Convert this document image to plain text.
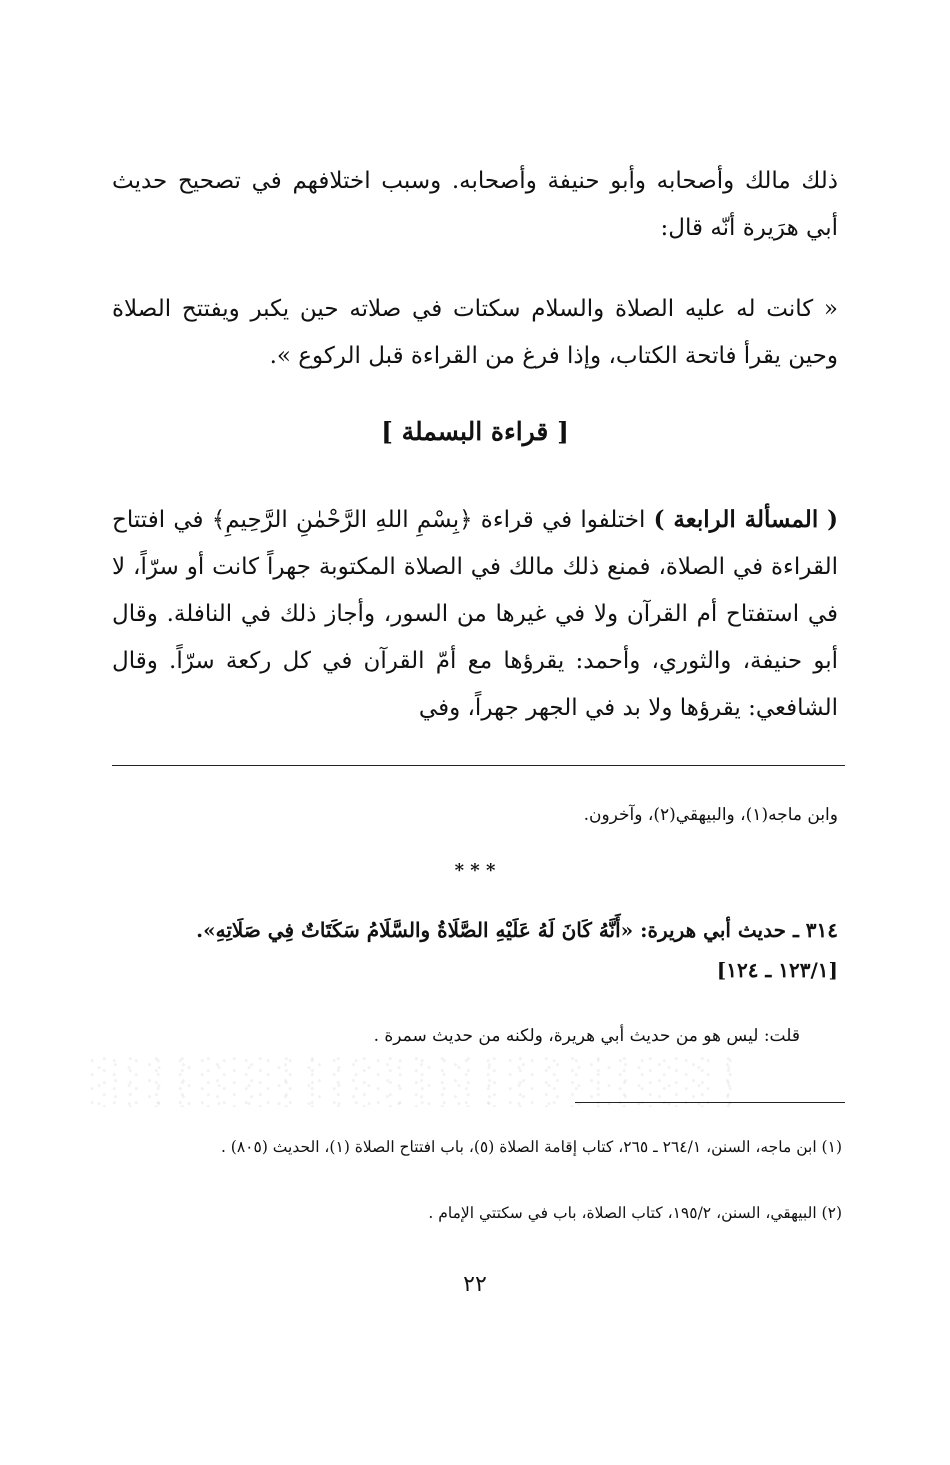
ذلك مالك وأصحابه وأبو حنيفة وأصحابه. وسبب اختلافهم في تصحيح حديث أبي هرَيرة أنّه قال:
« كانت له عليه الصلاة والسلام سكتات في صلاته حين يكبر ويفتتح الصلاة وحين يقرأ فاتحة الكتاب، وإذا فرغ من القراءة قبل الركوع ».
[ قراءة البسملة ]
( المسألة الرابعة ) اختلفوا في قراءة ﴿بِسْمِ اللهِ الرَّحْمٰنِ الرَّحِيمِ﴾ في افتتاح القراءة في الصلاة، فمنع ذلك مالك في الصلاة المكتوبة جهراً كانت أو سرّاً، لا في استفتاح أم القرآن ولا في غيرها من السور، وأجاز ذلك في النافلة. وقال أبو حنيفة، والثوري، وأحمد: يقرؤها مع أمّ القرآن في كل ركعة سرّاً. وقال الشافعي: يقرؤها ولا بد في الجهر جهراً، وفي
وابن ماجه(١)، والبيهقي(٢)، وآخرون.
* * *
٣١٤ ـ حديث أبي هريرة: «أَنَّهُ كَانَ لَهُ عَلَيْهِ الصَّلَاةُ والسَّلَامُ سَكَتَاتٌ فِي صَلَاتِهِ».
[١٢٣/١ ـ ١٢٤]
قلت: ليس هو من حديث أبي هريرة، ولكنه من حديث سمرة .
(١) ابن ماجه، السنن، ٢٦٤/١ ـ ٢٦٥، كتاب إقامة الصلاة (٥)، باب افتتاح الصلاة (١)، الحديث (٨٠٥) .
(٢) البيهقي، السنن، ١٩٥/٢، كتاب الصلاة، باب في سكتتي الإمام .
٢٢
